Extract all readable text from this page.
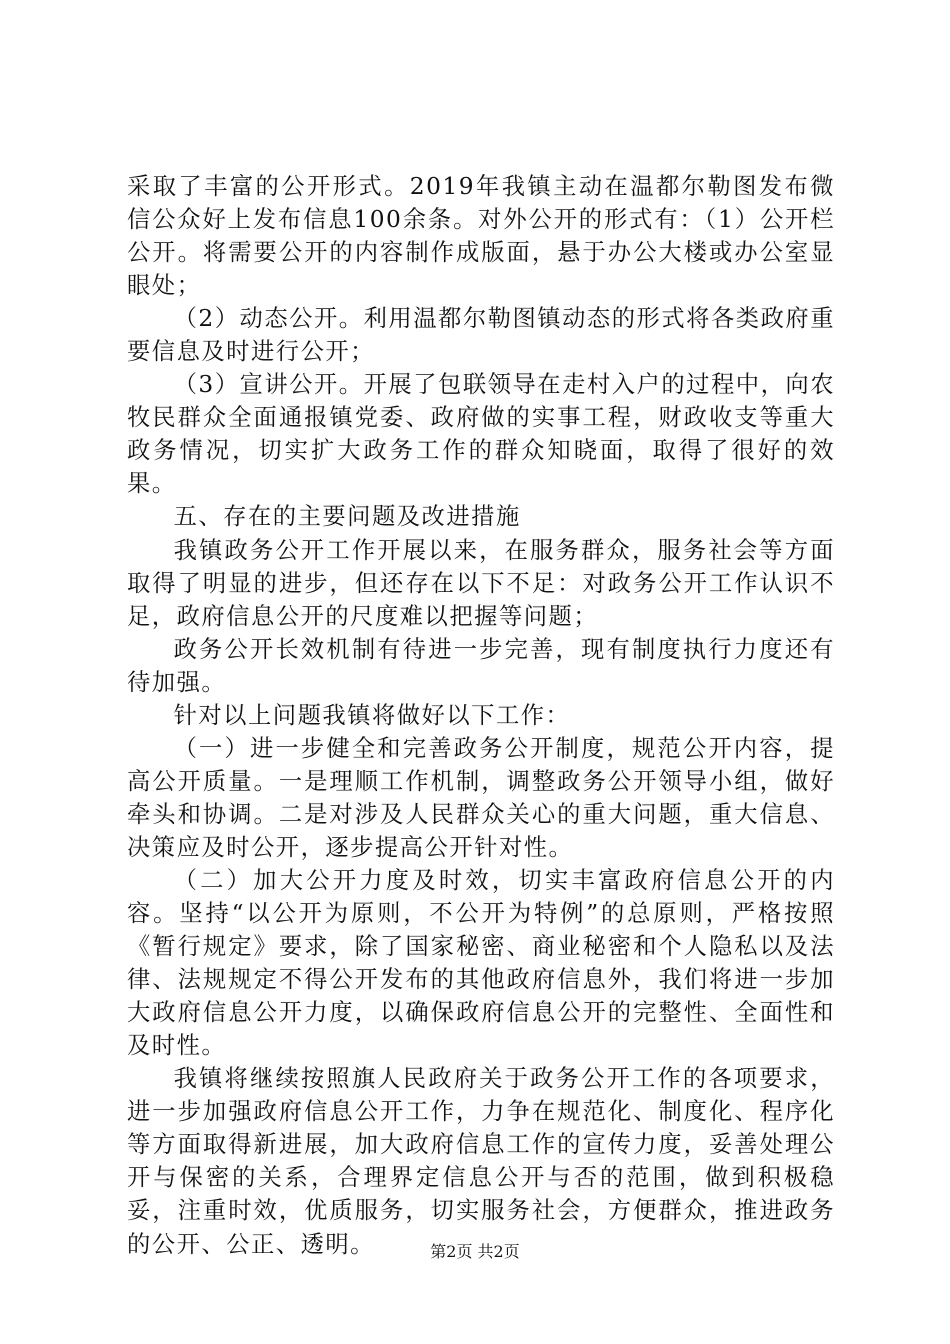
采取了丰富的公开形式。2019年我镇主动在温都尔勒图发布微信公众好上发布信息100余条。对外公开的形式有：（1）公开栏公开。将需要公开的内容制作成版面，悬于办公大楼或办公室显眼处；

（2）动态公开。利用温都尔勒图镇动态的形式将各类政府重要信息及时进行公开；

（3）宣讲公开。开展了包联领导在走村入户的过程中，向农牧民群众全面通报镇党委、政府做的实事工程，财政收支等重大政务情况，切实扩大政务工作的群众知晓面，取得了很好的效果。

五、存在的主要问题及改进措施

我镇政务公开工作开展以来，在服务群众，服务社会等方面取得了明显的进步，但还存在以下不足：对政务公开工作认识不足，政府信息公开的尺度难以把握等问题；

政务公开长效机制有待进一步完善，现有制度执行力度还有待加强。

针对以上问题我镇将做好以下工作：

（一）进一步健全和完善政务公开制度，规范公开内容，提高公开质量。一是理顺工作机制，调整政务公开领导小组，做好牵头和协调。二是对涉及人民群众关心的重大问题，重大信息、决策应及时公开，逐步提高公开针对性。

（二）加大公开力度及时效，切实丰富政府信息公开的内容。坚持“以公开为原则，不公开为特例”的总原则，严格按照《暂行规定》要求，除了国家秘密、商业秘密和个人隐私以及法律、法规规定不得公开发布的其他政府信息外，我们将进一步加大政府信息公开力度，以确保政府信息公开的完整性、全面性和及时性。

我镇将继续按照旗人民政府关于政务公开工作的各项要求，进一步加强政府信息公开工作，力争在规范化、制度化、程序化等方面取得新进展，加大政府信息工作的宣传力度，妥善处理公开与保密的关系，合理界定信息公开与否的范围，做到积极稳妥，注重时效，优质服务，切实服务社会，方便群众，推进政务的公开、公正、透明。	第2页 共2页
